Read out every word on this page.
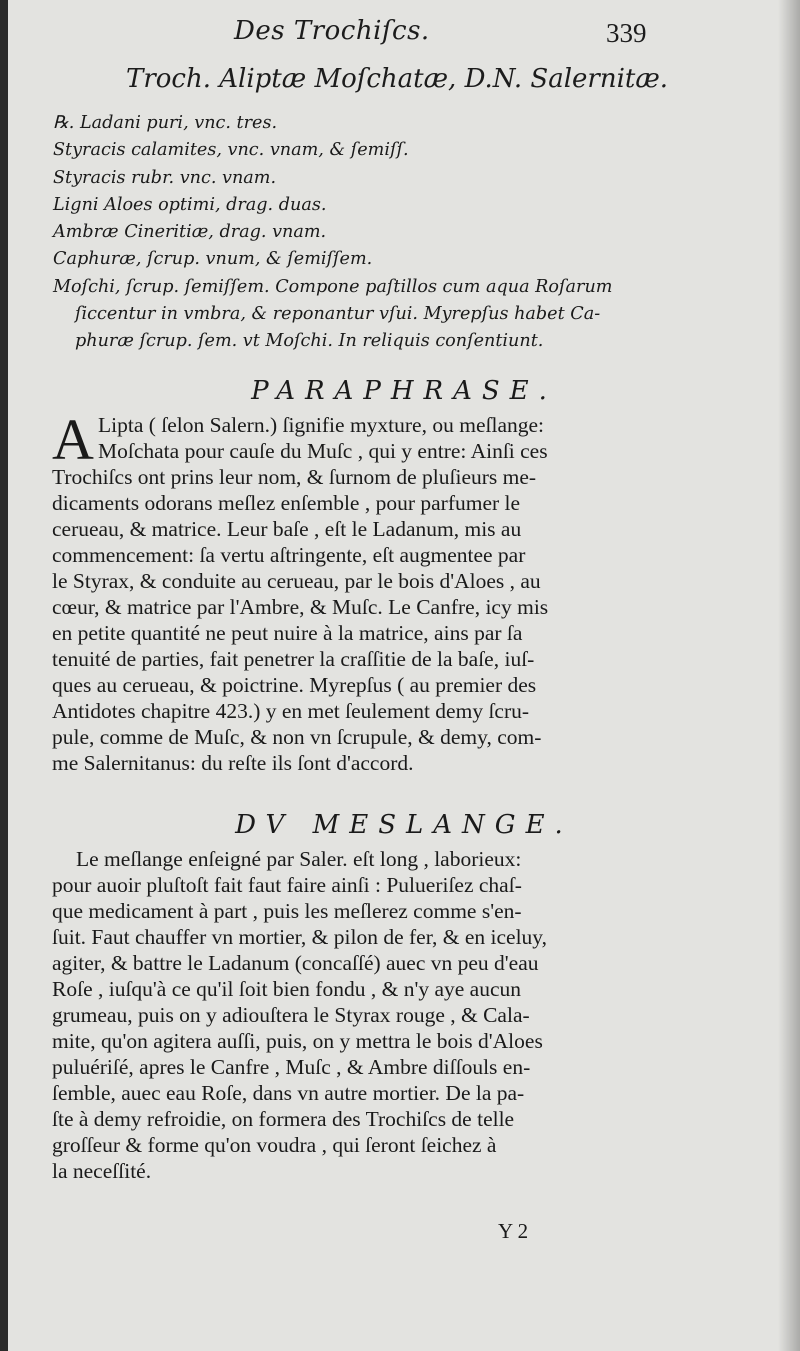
Des Trochiſcs.	339
Troch. Aliptæ Moſchatæ, D.N. Salernitæ.
℞. Ladani puri, vnc. tres.
Styracis calamites, vnc. vnam, & ſemiſſ.
Styracis rubr. vnc. vnam.
Ligni Aloes optimi, drag. duas.
Ambræ Cineritiæ, drag. vnam.
Caphuræ, ſcrup. vnum, & ſemiſſem.
Moſchi, ſcrup. ſemiſſem. Compone paſtillos cum aqua Roſarum
ſiccentur in vmbra, & reponantur vſui. Myrepſus habet Ca-
phuræ ſcrup. ſem. vt Moſchi. In reliquis conſentiunt.
PARAPHRASE.
A Lipta ( ſelon Salern.) ſignifie myxture, ou meſlange:
Moſchata pour cauſe du Muſc , qui y entre: Ainſi ces
Trochiſcs ont prins leur nom, & ſurnom de pluſieurs me-
dicaments odorans meſlez enſemble , pour parfumer le
cerueau, & matrice. Leur baſe , eſt le Ladanum, mis au
commencement: ſa vertu aſtringente, eſt augmentee par
le Styrax, & conduite au cerueau, par le bois d'Aloes , au
cœur, & matrice par l'Ambre, & Muſc. Le Canfre, icy mis
en petite quantité ne peut nuire à la matrice, ains par ſa
tenuité de parties, fait penetrer la craſſitie de la baſe, iuſ-
ques au cerueau, & poictrine. Myrepſus ( au premier des
Antidotes chapitre 423.) y en met ſeulement demy ſcru-
pule, comme de Muſc, & non vn ſcrupule, & demy, com-
me Salernitanus: du reſte ils ſont d'accord.
DV MESLANGE.
Le meſlange enſeigné par Saler. eſt long , laborieux:
pour auoir pluſtoſt fait faut faire ainſi : Pulueriſez chaſ-
que medicament à part , puis les meſlerez comme s'en-
ſuit. Faut chauffer vn mortier, & pilon de fer, & en iceluy,
agiter, & battre le Ladanum (concaſſé) auec vn peu d'eau
Roſe , iuſqu'à ce qu'il ſoit bien fondu , & n'y aye aucun
grumeau, puis on y adiouſtera le Styrax rouge , & Cala-
mite, qu'on agitera auſſi, puis, on y mettra le bois d'Aloes
puluériſé, apres le Canfre , Muſc , & Ambre diſſouls en-
ſemble, auec eau Roſe, dans vn autre mortier. De la pa-
ſte à demy refroidie, on formera des Trochiſcs de telle
groſſeur & forme qu'on voudra , qui ſeront ſeichez à
la neceſſité.
Y 2
